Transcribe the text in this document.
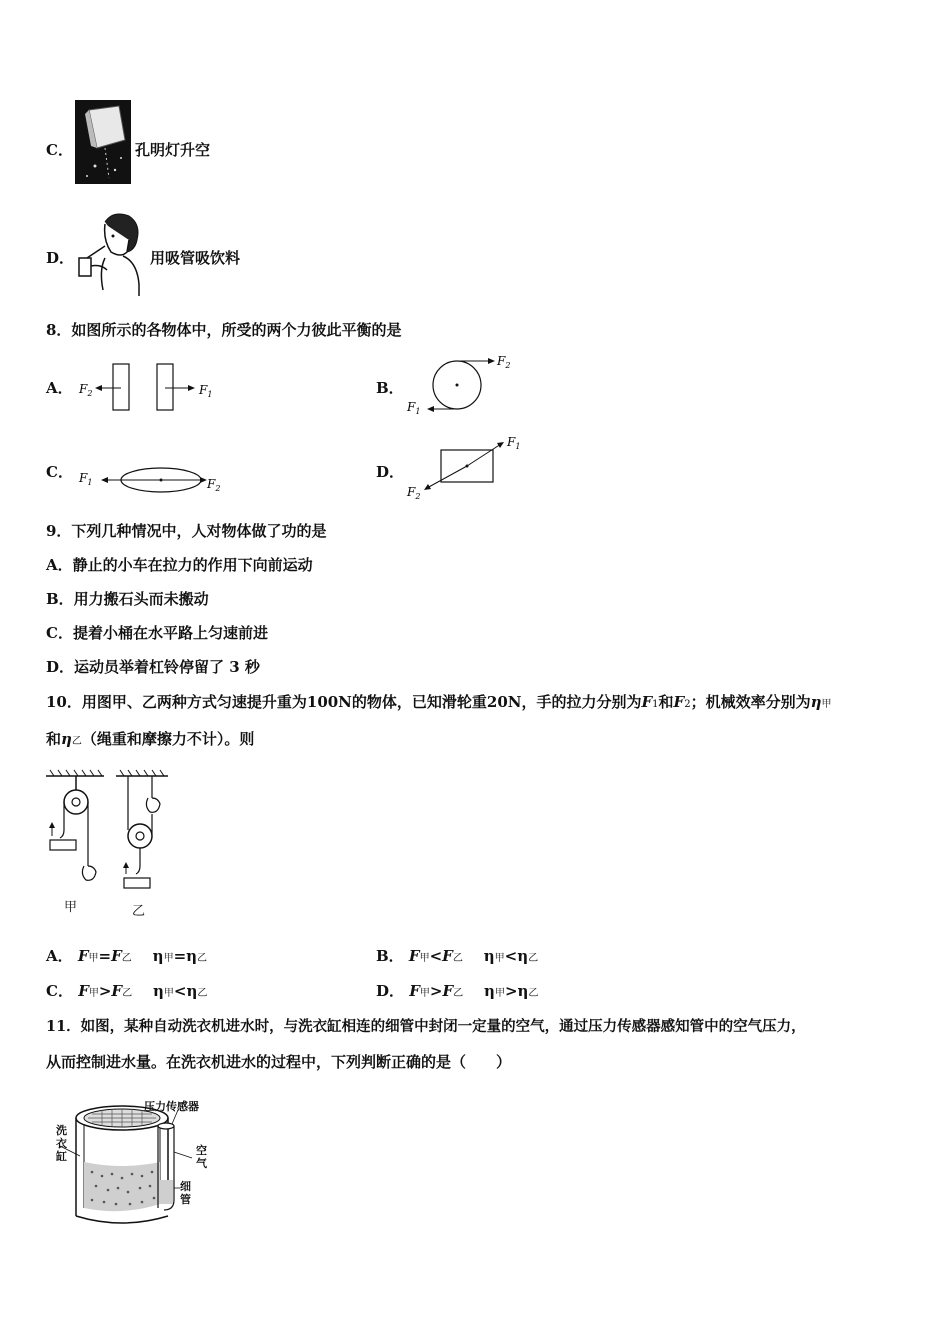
C．	孔明灯升空
D．	用吸管吸饮料
8．如图所示的各物体中，所受的两个力彼此平衡的是
A． $F_2$	$F_1$	B．
$F_2$
$F_1$
C． $F_1$	$F_2$
D．
$F_1$
$F_2$
9．下列几种情况中，人对物体做了功的是
A．静止的小车在拉力的作用下向前运动
B．用力搬石头而未搬动
C．提着小桶在水平路上匀速前进
D．运动员举着杠铃停留了 3 秒
10．用图甲、乙两种方式匀速提升重为100N的物体，已知滑轮重20N，手的拉力分别为F1和F2；机械效率分别为η甲
和η乙（绳重和摩擦力不计）。则
甲	乙
A． F甲=F乙 η甲=η乙	B． F甲<F乙 η甲<η乙
C． F甲>F乙 η甲<η乙	D． F甲>F乙 η甲>η乙
11．如图，某种自动洗衣机进水时，与洗衣缸相连的细管中封闭一定量的空气，通过压力传感器感知管中的空气压力，
从而控制进水量。在洗衣机进水的过程中，下列判断正确的是（　　）
压力传感器
洗
衣
缸	空
气
细
管
